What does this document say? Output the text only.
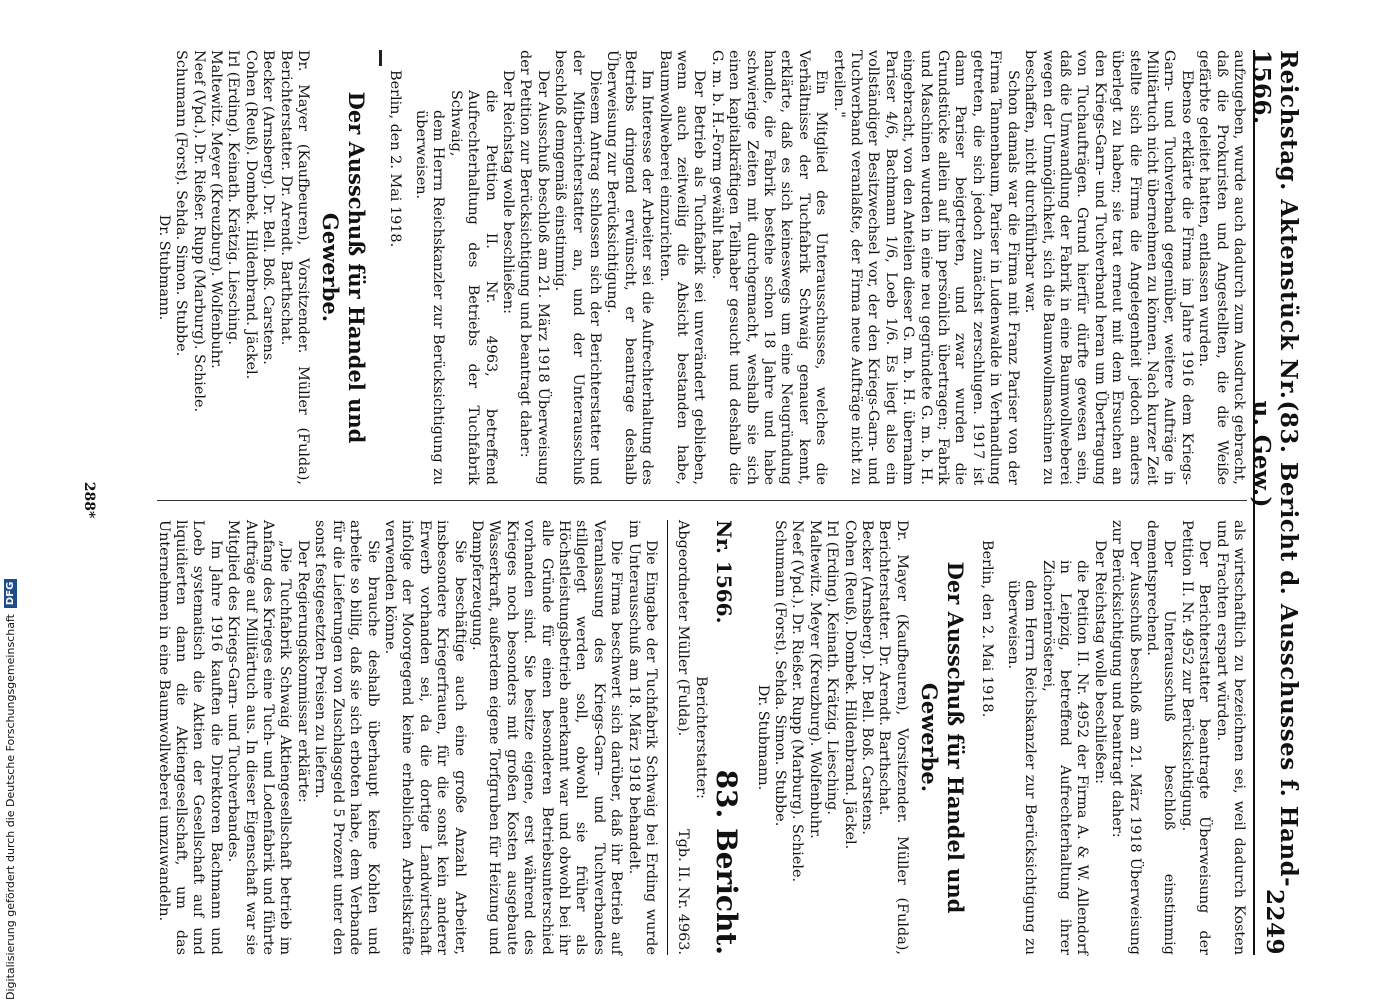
Reichstag. Aktenstück Nr. 1566.
(83. Bericht d. Ausschusses f. Hand- u. Gew.)
2249

aufzugeben, wurde auch dadurch zum Ausdruck gebracht, daß die Prokuristen und Angestellten, die die Weiße gefärbte geleitet hatten, entlassen wurden.

Ebenso erklärte die Firma im Jahre 1916 dem Kriegs-Garn- und Tuchverband gegenüber, weitere Aufträge in Militärtuch nicht übernehmen zu können. Nach kurzer Zeit stellte sich die Firma die Angelegenheit jedoch anders überlegt zu haben; sie trat erneut mit dem Ersuchen an den Kriegs-Garn- und Tuchverband heran um Übertragung von Tuchaufträgen. Grund hierfür dürfte gewesen sein, daß die Umwandlung der Fabrik in eine Baumwollweberei wegen der Unmöglichkeit, sich die Baumwollmaschinen zu beschaffen, nicht durchführbar war.

Schon damals war die Firma mit Franz Pariser von der Firma Tannenbaum, Pariser in Ludenwalde in Verhandlung getreten, die sich jedoch zunächst zerschlugen. 1917 ist dann Pariser beigetreten, und zwar wurden die Grundstücke allein auf ihn persönlich übertragen; Fabrik und Maschinen wurden in eine neu gegründete G. m. b. H. eingebracht, von den Anteilen dieser G. m. b. H. übernahm Pariser 4/6, Bachmann 1/6, Loeb 1/6. Es liegt also ein vollständiger Besitzwechsel vor, der den Kriegs-Garn- und Tuchverband veranlaßte, der Firma neue Aufträge nicht zu erteilen."

Ein Mitglied des Unterausschusses, welches die Verhältnisse der Tuchfabrik Schwaig genauer kennt, erklärte, daß es sich keineswegs um eine Neugründung handle, die Fabrik bestehe schon 18 Jahre und habe schwierige Zeiten mit durchgemacht, weshalb sie sich einen kapitalkräftigen Teilhaber gesucht und deshalb die G. m. b. H.-Form gewählt habe.

Der Betrieb als Tuchfabrik sei unverändert geblieben, wenn auch zeitweilig die Absicht bestanden habe, Baumwollweberei einzurichten.

Im Interesse der Arbeiter sei die Aufrechterhaltung des Betriebs dringend erwünscht, er beantrage deshalb Überweisung zur Berücksichtigung.

Diesem Antrag schlossen sich der Berichterstatter und der Mitberichterstatter an, und der Unterausschuß beschloß demgemäß einstimmig.

Der Ausschuß beschloß am 21. März 1918 Überweisung der Petition zur Berücksichtigung und beantragt daher:

Der Reichstag wolle beschließen:

die Petition II. Nr. 4963, betreffend Aufrechterhaltung des Betriebs der Tuchfabrik Schwaig,

dem Herrn Reichskanzler zur Berücksichtigung zu überweisen.

Berlin, den 2. Mai 1918.

Der Ausschuß für Handel und Gewerbe.

Dr. Mayer (Kaufbeuren), Vorsitzender. Müller (Fulda), Berichterstatter. Dr. Arendt. Barthschat.

Becker (Arnsberg). Dr. Bell. Boß. Carstens.

Cohen (Reuß). Dombek. Hildenbrand. Jäckel.

Irl (Erding). Keinath. Krätzig. Liesching.

Maltewitz. Meyer (Kreuzburg). Wolfenbuhr.

Neef (Vpd.). Dr. Rießer. Rupp (Marburg). Schiele.

Schumann (Forst). Sehda. Simon. Stubbe.

Dr. Stubmann.

als wirtschaftlich zu bezeichnen sei, weil dadurch Kosten und Frachten erspart würden.

Der Berichterstatter beantragte Überweisung der Petition II. Nr. 4952 zur Berücksichtigung.

Der Unterausschuß beschloß einstimmig dementsprechend.

Der Ausschuß beschloß am 21. März 1918 Überweisung zur Berücksichtigung und beantragt daher:

Der Reichstag wolle beschließen:

die Petition II. Nr. 4952 der Firma A. & W. Allendorf in Leipzig, betreffend Aufrechterhaltung ihrer Zichorienrösterei,

dem Herrn Reichskanzler zur Berücksichtigung zu überweisen.

Berlin, den 2. Mai 1918.

Der Ausschuß für Handel und Gewerbe.

Dr. Mayer (Kaufbeuren), Vorsitzender. Müller (Fulda), Berichterstatter. Dr. Arendt. Barthschat.

Becker (Arnsberg). Dr. Bell. Boß. Carstens.

Cohen (Reuß). Dombek. Hildenbrand. Jäckel.

Irl (Erding). Keinath. Krätzig. Liesching.

Maltewitz. Meyer (Kreuzburg). Wolfenbuhr.

Neef (Vpd.). Dr. Rießer. Rupp (Marburg). Schiele.

Schumann (Forst). Sehda. Simon. Stubbe.

Dr. Stubmann.

Nr. 1566.
83. Bericht.

Berichterstatter:

Abgeordneter Müller (Fulda).
Tgb. II. Nr. 4963.

Die Eingabe der Tuchfabrik Schwaig bei Erding wurde im Unterausschuß am 18. März 1918 behandelt.

Die Firma beschwert sich darüber, daß ihr Betrieb auf Veranlassung des Kriegs-Garn- und Tuchverbandes stillgelegt werden soll, obwohl sie früher als Höchstleistungsbetrieb anerkannt war und obwohl bei ihr alle Gründe für einen besonderen Betriebsunterschied vorhanden sind. Sie besitze eigene, erst während des Krieges noch besonders mit großen Kosten ausgebaute Wasserkraft, außerdem eigene Torfgruben für Heizung und Dampferzeugung.

Sie beschäftige auch eine große Anzahl Arbeiter, insbesondere Kriegerfrauen, für die sonst kein anderer Erwerb vorhanden sei, da die dortige Landwirtschaft infolge der Moorgegend keine erheblichen Arbeitskräfte verwenden könne.

Sie brauche deshalb überhaupt keine Kohlen und arbeite so billig, daß sie sich erboten habe, dem Verbande für die Lieferungen von Zuschlagsgeld 5 Prozent unter den sonst festgesetzten Preisen zu liefern.

Der Regierungskommissar erklärte:

„Die Tuchfabrik Schwaig Aktiengesellschaft betrieb im Anfang des Krieges eine Tuch- und Lodenfabrik und führte Aufträge auf Militärtuch aus. In dieser Eigenschaft war sie Mitglied des Kriegs-Garn- und Tuchverbandes.

Im Jahre 1916 kauften die Direktoren Bachmann und Loeb systematisch die Aktien der Gesellschaft auf und liquidierten dann die Aktiengesellschaft, um das Unternehmen in eine Baumwollweberei umzuwandeln.

288*
Digitalisierung gefördert durch die Deutsche Forschungsgemeinschaft
DFG
